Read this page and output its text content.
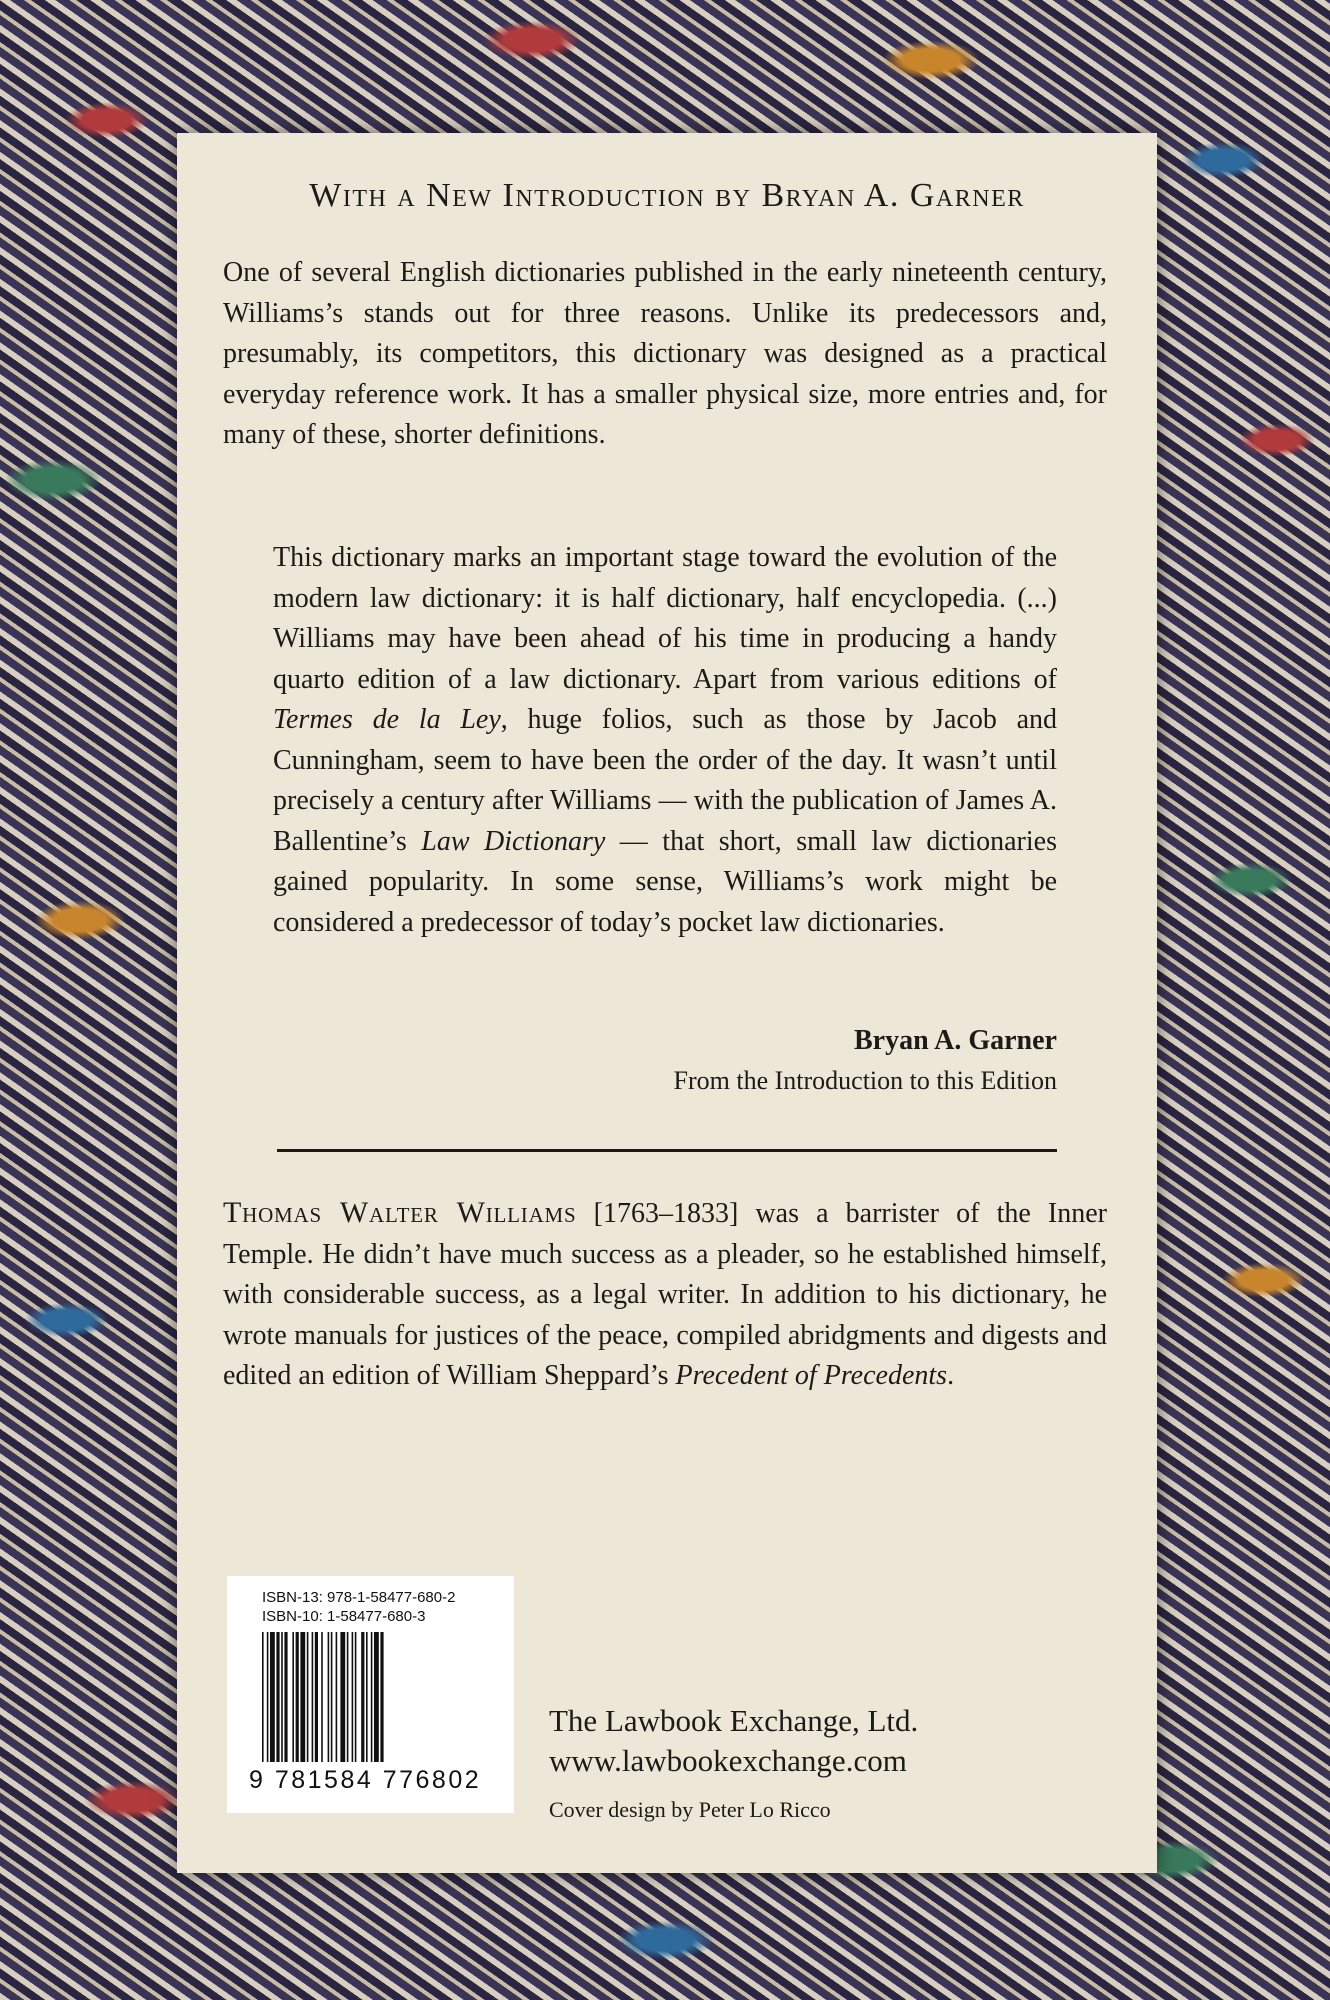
With a New Introduction by Bryan A. Garner
One of several English dictionaries published in the early nineteenth century, Williams’s stands out for three reasons. Unlike its predecessors and, presumably, its competitors, this dictionary was designed as a practical everyday reference work. It has a smaller physical size, more entries and, for many of these, shorter definitions.
This dictionary marks an important stage toward the evolution of the modern law dictionary: it is half dictionary, half encyclopedia. (...) Williams may have been ahead of his time in producing a handy quarto edition of a law dictionary. Apart from various editions of Termes de la Ley, huge folios, such as those by Jacob and Cunningham, seem to have been the order of the day. It wasn’t until precisely a century after Williams — with the publication of James A. Ballentine’s Law Dictionary — that short, small law dictionaries gained popularity. In some sense, Williams’s work might be considered a predecessor of today’s pocket law dictionaries.
Bryan A. Garner
From the Introduction to this Edition
Thomas Walter Williams [1763–1833] was a barrister of the Inner Temple. He didn’t have much success as a pleader, so he established himself, with considerable success, as a legal writer. In addition to his dictionary, he wrote manuals for justices of the peace, compiled abridgments and digests and edited an edition of William Sheppard’s Precedent of Precedents.
ISBN-13: 978-1-58477-680-2
ISBN-10: 1-58477-680-3
9 781584 776802
The Lawbook Exchange, Ltd.
www.lawbookexchange.com
Cover design by Peter Lo Ricco
